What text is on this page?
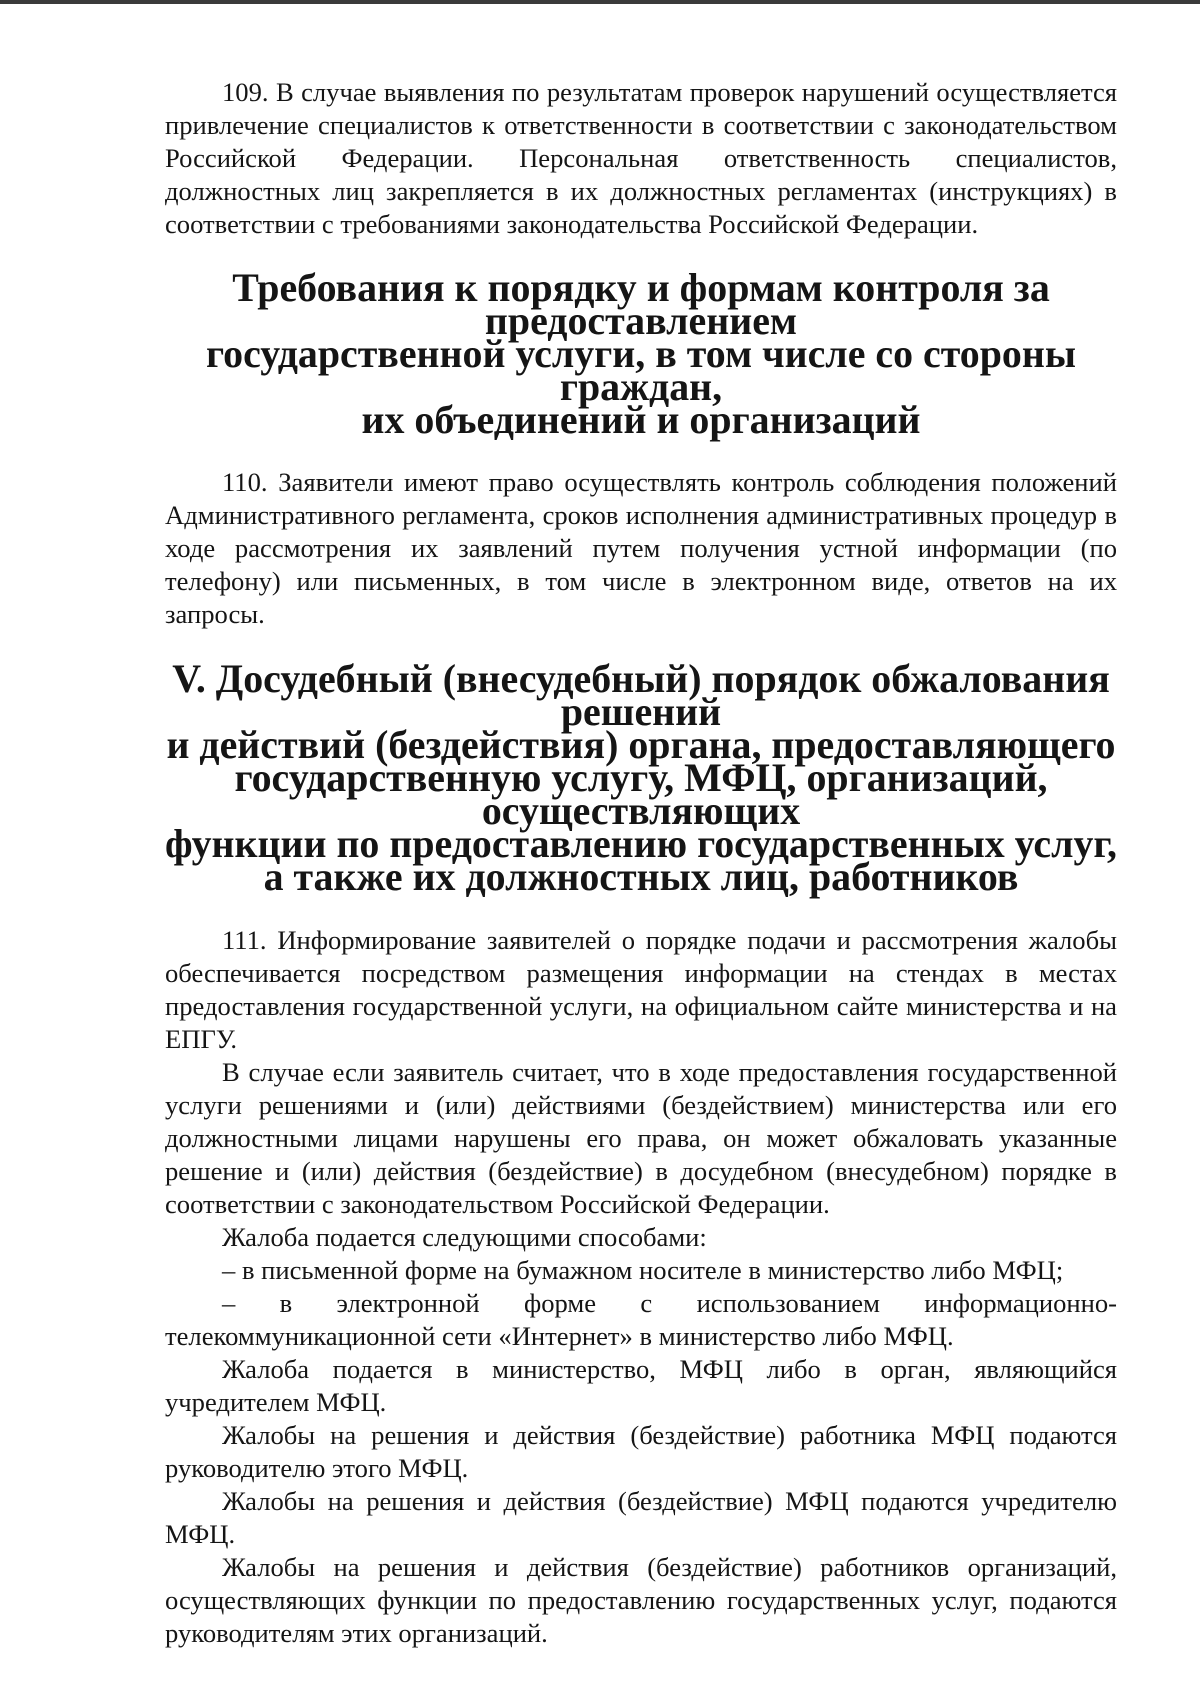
109. В случае выявления по результатам проверок нарушений осуществляется привлечение специалистов к ответственности в соответствии с законодательством Российской Федерации. Персональная ответственность специалистов, должностных лиц закрепляется в их должностных регламентах (инструкциях) в соответствии с требованиями законодательства Российской Федерации.

Требования к порядку и формам контроля за предоставлением
государственной услуги, в том числе со стороны граждан,
их объединений и организаций

110. Заявители имеют право осуществлять контроль соблюдения положений Административного регламента, сроков исполнения административных процедур в ходе рассмотрения их заявлений путем получения устной информации (по телефону) или письменных, в том числе в электронном виде, ответов на их запросы.

V. Досудебный (внесудебный) порядок обжалования решений
и действий (бездействия) органа, предоставляющего
государственную услугу, МФЦ, организаций, осуществляющих
функции по предоставлению государственных услуг,
а также их должностных лиц, работников

111. Информирование заявителей о порядке подачи и рассмотрения жалобы обеспечивается посредством размещения информации на стендах в местах предоставления государственной услуги, на официальном сайте министерства и на ЕПГУ.

В случае если заявитель считает, что в ходе предоставления государственной услуги решениями и (или) действиями (бездействием) министерства или его должностными лицами нарушены его права, он может обжаловать указанные решение и (или) действия (бездействие) в досудебном (внесудебном) порядке в соответствии с законодательством Российской Федерации.

Жалоба подается следующими способами:

– в письменной форме на бумажном носителе в министерство либо МФЦ;

– в электронной форме с использованием информационно-телекоммуникационной сети «Интернет» в министерство либо МФЦ.

Жалоба подается в министерство, МФЦ либо в орган, являющийся учредителем МФЦ.

Жалобы на решения и действия (бездействие) работника МФЦ подаются руководителю этого МФЦ.

Жалобы на решения и действия (бездействие) МФЦ подаются учредителю МФЦ.

Жалобы на решения и действия (бездействие) работников организаций, осуществляющих функции по предоставлению государственных услуг, подаются руководителям этих организаций.
